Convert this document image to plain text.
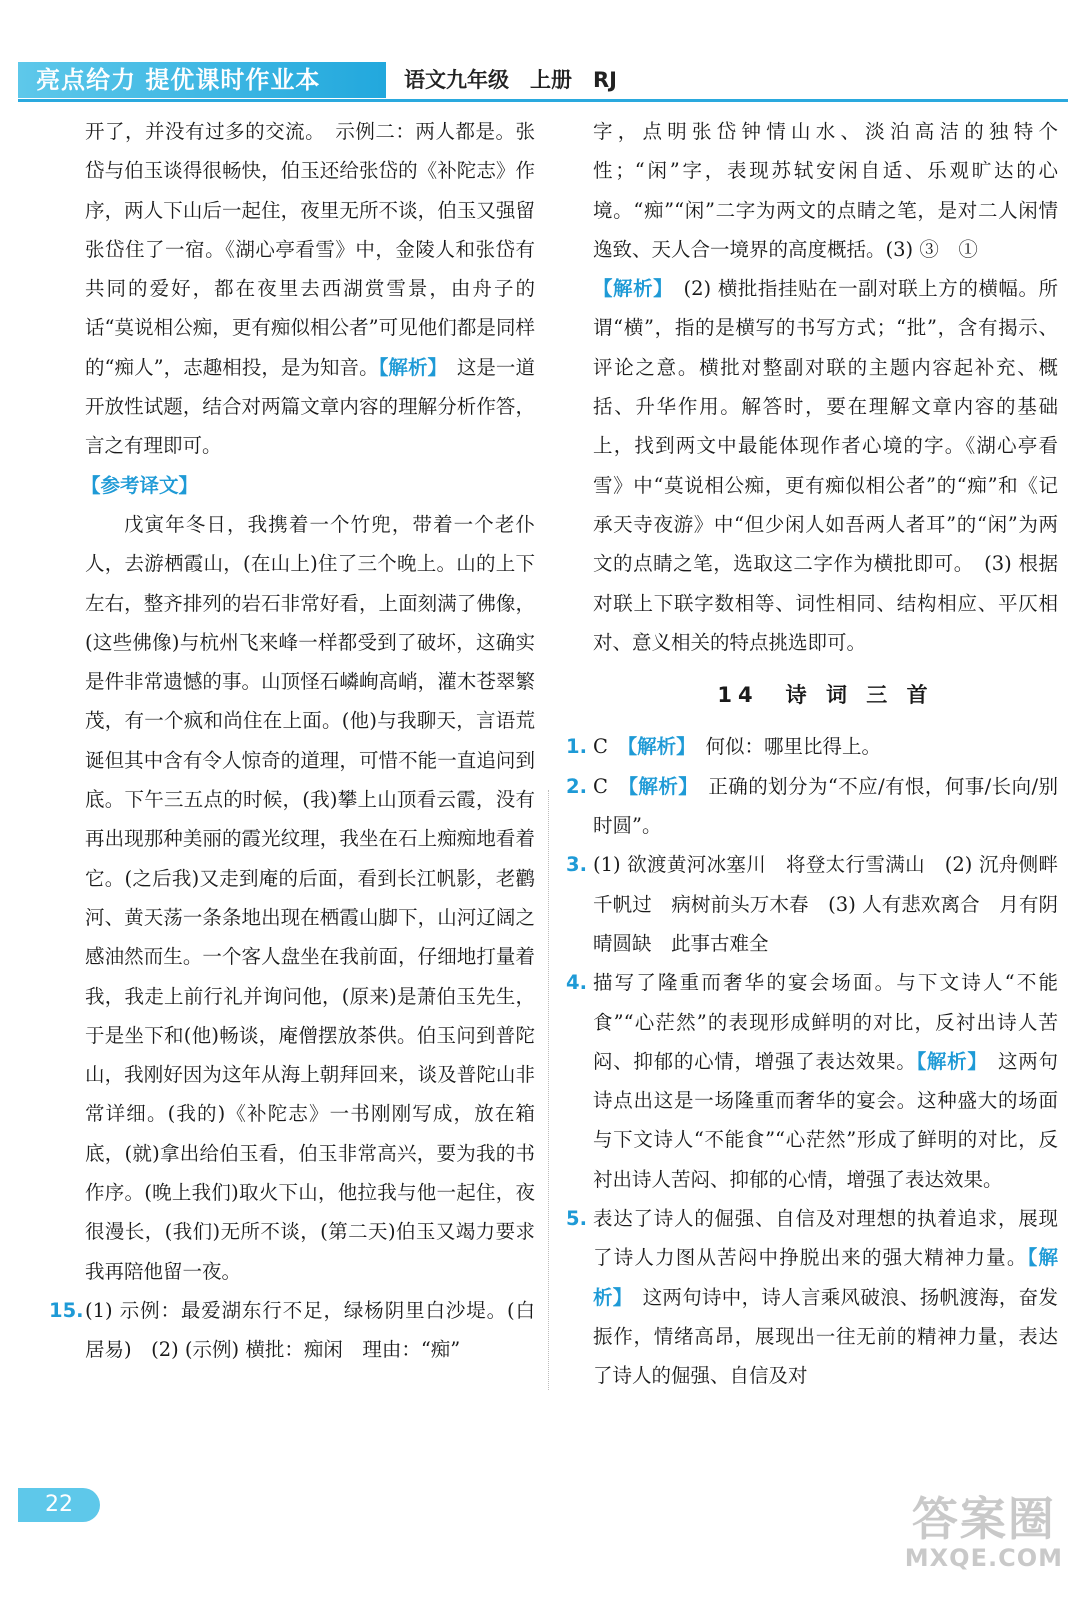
亮点给力 提优课时作业本	语文九年级　上册　RJ

开了，并没有过多的交流。　示例二：两人都是。张岱与伯玉谈得很畅快，伯玉还给张岱的《补陀志》作序，两人下山后一起住，夜里无所不谈，伯玉又强留张岱住了一宿。《湖心亭看雪》中，金陵人和张岱有共同的爱好，都在夜里去西湖赏雪景，由舟子的话“莫说相公痴，更有痴似相公者”可见他们都是同样的“痴人”，志趣相投，是为知音。【解析】　这是一道开放性试题，结合对两篇文章内容的理解分析作答，言之有理即可。

【参考译文】

戊寅年冬日，我携着一个竹兜，带着一个老仆人，去游栖霞山，(在山上)住了三个晚上。山的上下左右，整齐排列的岩石非常好看，上面刻满了佛像，(这些佛像)与杭州飞来峰一样都受到了破坏，这确实是件非常遗憾的事。山顶怪石嶙峋高峭，灌木苍翠繁茂，有一个疯和尚住在上面。(他)与我聊天，言语荒诞但其中含有令人惊奇的道理，可惜不能一直追问到底。下午三五点的时候，(我)攀上山顶看云霞，没有再出现那种美丽的霞光纹理，我坐在石上痴痴地看着它。(之后我)又走到庵的后面，看到长江帆影，老鹳河、黄天荡一条条地出现在栖霞山脚下，山河辽阔之感油然而生。一个客人盘坐在我前面，仔细地打量着我，我走上前行礼并询问他，(原来)是萧伯玉先生，于是坐下和(他)畅谈，庵僧摆放茶供。伯玉问到普陀山，我刚好因为这年从海上朝拜回来，谈及普陀山非常详细。(我的)《补陀志》一书刚刚写成，放在箱底，(就)拿出给伯玉看，伯玉非常高兴，要为我的书作序。(晚上我们)取火下山，他拉我与他一起住，夜很漫长，(我们)无所不谈，(第二天)伯玉又竭力要求我再陪他留一夜。

15. (1) 示例：最爱湖东行不足，绿杨阴里白沙堤。(白居易)　(2) (示例) 横批：痴闲　理由：“痴”

字，点明张岱钟情山水、淡泊高洁的独特个性；“闲”字，表现苏轼安闲自适、乐观旷达的心境。“痴”“闲”二字为两文的点睛之笔，是对二人闲情逸致、天人合一境界的高度概括。(3) ③　①

【解析】　(2) 横批指挂贴在一副对联上方的横幅。所谓“横”，指的是横写的书写方式；“批”，含有揭示、评论之意。横批对整副对联的主题内容起补充、概括、升华作用。解答时，要在理解文章内容的基础上，找到两文中最能体现作者心境的字。《湖心亭看雪》中“莫说相公痴，更有痴似相公者”的“痴”和《记承天寺夜游》中“但少闲人如吾两人者耳”的“闲”为两文的点睛之笔，选取这二字作为横批即可。　(3) 根据对联上下联字数相等、词性相同、结构相应、平仄相对、意义相关的特点挑选即可。

14　诗 词 三 首
1. C　【解析】　何似：哪里比得上。

2. C　【解析】　正确的划分为“不应/有恨，何事/长向/别时圆”。

3. (1) 欲渡黄河冰塞川　将登太行雪满山　(2) 沉舟侧畔千帆过　病树前头万木春　(3) 人有悲欢离合　月有阴晴圆缺　此事古难全

4. 描写了隆重而奢华的宴会场面。与下文诗人“不能食”“心茫然”的表现形成鲜明的对比，反衬出诗人苦闷、抑郁的心情，增强了表达效果。【解析】　这两句诗点出这是一场隆重而奢华的宴会。这种盛大的场面与下文诗人“不能食”“心茫然”形成了鲜明的对比，反衬出诗人苦闷、抑郁的心情，增强了表达效果。

5. 表达了诗人的倔强、自信及对理想的执着追求，展现了诗人力图从苦闷中挣脱出来的强大精神力量。【解析】　这两句诗中，诗人言乘风破浪、扬帆渡海，奋发振作，情绪高昂，展现出一往无前的精神力量，表达了诗人的倔强、自信及对

22	答案圈
MXQE.COM
